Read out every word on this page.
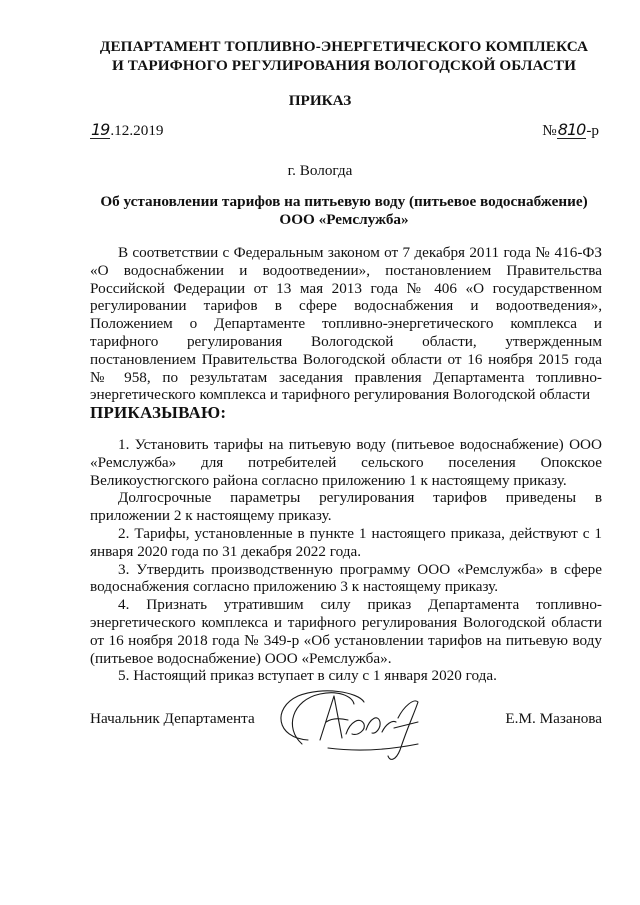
ДЕПАРТАМЕНТ ТОПЛИВНО-ЭНЕРГЕТИЧЕСКОГО КОМПЛЕКСА
И ТАРИФНОГО РЕГУЛИРОВАНИЯ ВОЛОГОДСКОЙ ОБЛАСТИ
ПРИКАЗ
19.12.2019	№810-р
г. Вологда
Об установлении тарифов на питьевую воду (питьевое водоснабжение)
ООО «Ремслужба»
В соответствии с Федеральным законом от 7 декабря 2011 года № 416-ФЗ «О водоснабжении и водоотведении», постановлением Правительства Российской Федерации от 13 мая 2013 года № 406 «О государственном регулировании тарифов в сфере водоснабжения и водоотведения», Положением о Департаменте топливно-энергетического комплекса и тарифного регулирования Вологодской области, утвержденным постановлением Правительства Вологодской области от 16 ноября 2015 года № 958, по результатам заседания правления Департамента топливно-энергетического комплекса и тарифного регулирования Вологодской области
ПРИКАЗЫВАЮ:

1. Установить тарифы на питьевую воду (питьевое водоснабжение) ООО «Ремслужба» для потребителей сельского поселения Опокское Великоустюгского района согласно приложению 1 к настоящему приказу.

Долгосрочные параметры регулирования тарифов приведены в приложении 2 к настоящему приказу.

2. Тарифы, установленные в пункте 1 настоящего приказа, действуют с 1 января 2020 года по 31 декабря 2022 года.

3. Утвердить производственную программу ООО «Ремслужба» в сфере водоснабжения согласно приложению 3 к настоящему приказу.

4. Признать утратившим силу приказ Департамента топливно-энергетического комплекса и тарифного регулирования Вологодской области от 16 ноября 2018 года № 349-р «Об установлении тарифов на питьевую воду (питьевое водоснабжение) ООО «Ремслужба».

5. Настоящий приказ вступает в силу с 1 января 2020 года.

Начальник Департамента	Е.М. Мазанова
